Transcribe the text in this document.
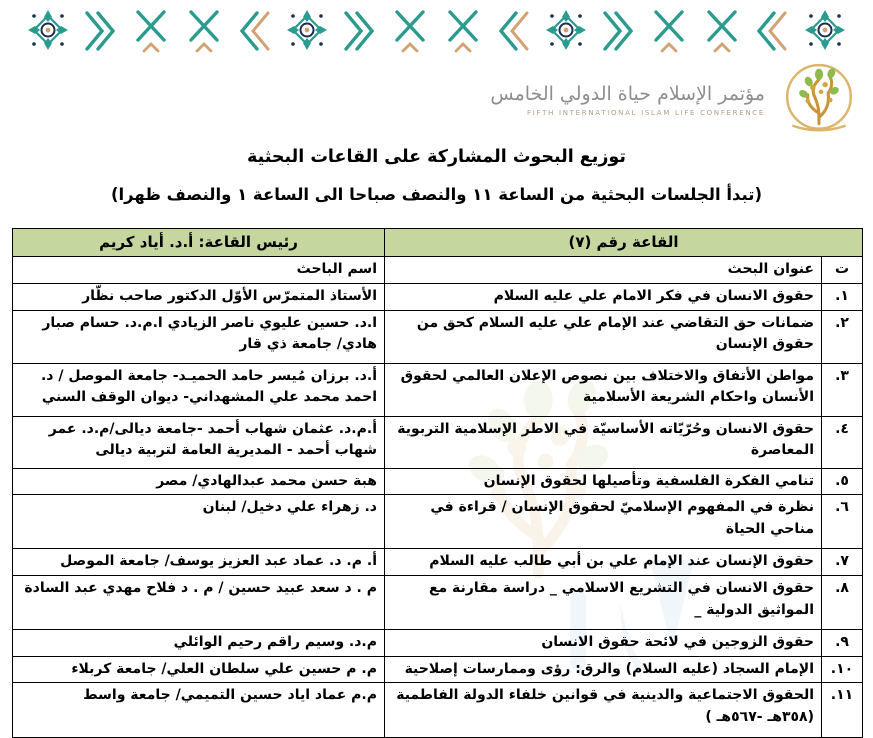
مؤتمر الإسلام حياة الدولي الخامس
FIFTH INTERNATIONAL ISLAM LIFE CONFERENCE
توزيع البحوث المشاركة على القاعات البحثية
(تبدأ الجلسات البحثية من الساعة ١١ والنصف صباحا الى الساعة ١ والنصف ظهرا)
القاعة رقم (٧)		رئيس القاعة: أ.د. أياد كريم
ت	عنوان البحث	اسم الباحث
١.	حقوق الانسان في فكر الامام علي عليه السلام	الأستاذ المتمرّس الأوّل الدكتور صاحب نظّار
٢.	ضمانات حق التقاضي عند الإمام علي عليه السلام كحق من حقوق الإنسان	ا.د. حسين عليوي ناصر الزيادي ا.م.د. حسام صبار هادي/ جامعة ذي قار
٣.	مواطن الأتفاق والاختلاف بين نصوص الإعلان العالمي لحقوق الأنسان واحكام الشريعة الأسلامية	أ.د. برزان مُيسر حامد الحميـد- جامعة الموصل / د. احمد محمد علي المشهداني- ديوان الوقف السني
٤.	حقوق الانسان وحُرّيّاته الأساسيّة في الاطر الإسلامية التربوية المعاصرة	أ.م.د. عثمان شهاب أحمد -جامعة ديالى/م.د. عمر شهاب أحمد - المديرية العامة لتربية ديالى
٥.	تنامي الفكرة الفلسفية وتأصيلها لحقوق الإنسان	هبة حسن محمد عبدالهادي/ مصر
٦.	نظرة في المفهوم الإسلاميّ لحقوق الإنسان / قراءة في مناحي الحياة	د. زهراء علي دخيل/ لبنان
٧.	حقوق الإنسان عند الإمام علي بن أبي طالب عليه السلام	أ. م. د. عماد عبد العزيز يوسف/ جامعة الموصل
٨.	حقوق الانسان في التشريع الاسلامي _ دراسة مقارنة مع المواثيق الدولية _	م . د سعد عبيد حسين / م . د فلاح مهدي عبد السادة
٩.	حقوق الزوجين في لائحة حقوق الانسان	م.د. وسيم راقم رحيم الوائلي
١٠.	الإمام السجاد (عليه السلام) والرق: رؤى وممارسات إصلاحية	م. م حسين علي سلطان العلي/ جامعة كربلاء
١١.	الحقوق الاجتماعية والدينية في قوانين خلفاء الدولة الفاطمية (٣٥٨هـ -٥٦٧هـ )	م.م عماد اياد حسين التميمي/ جامعة واسط
